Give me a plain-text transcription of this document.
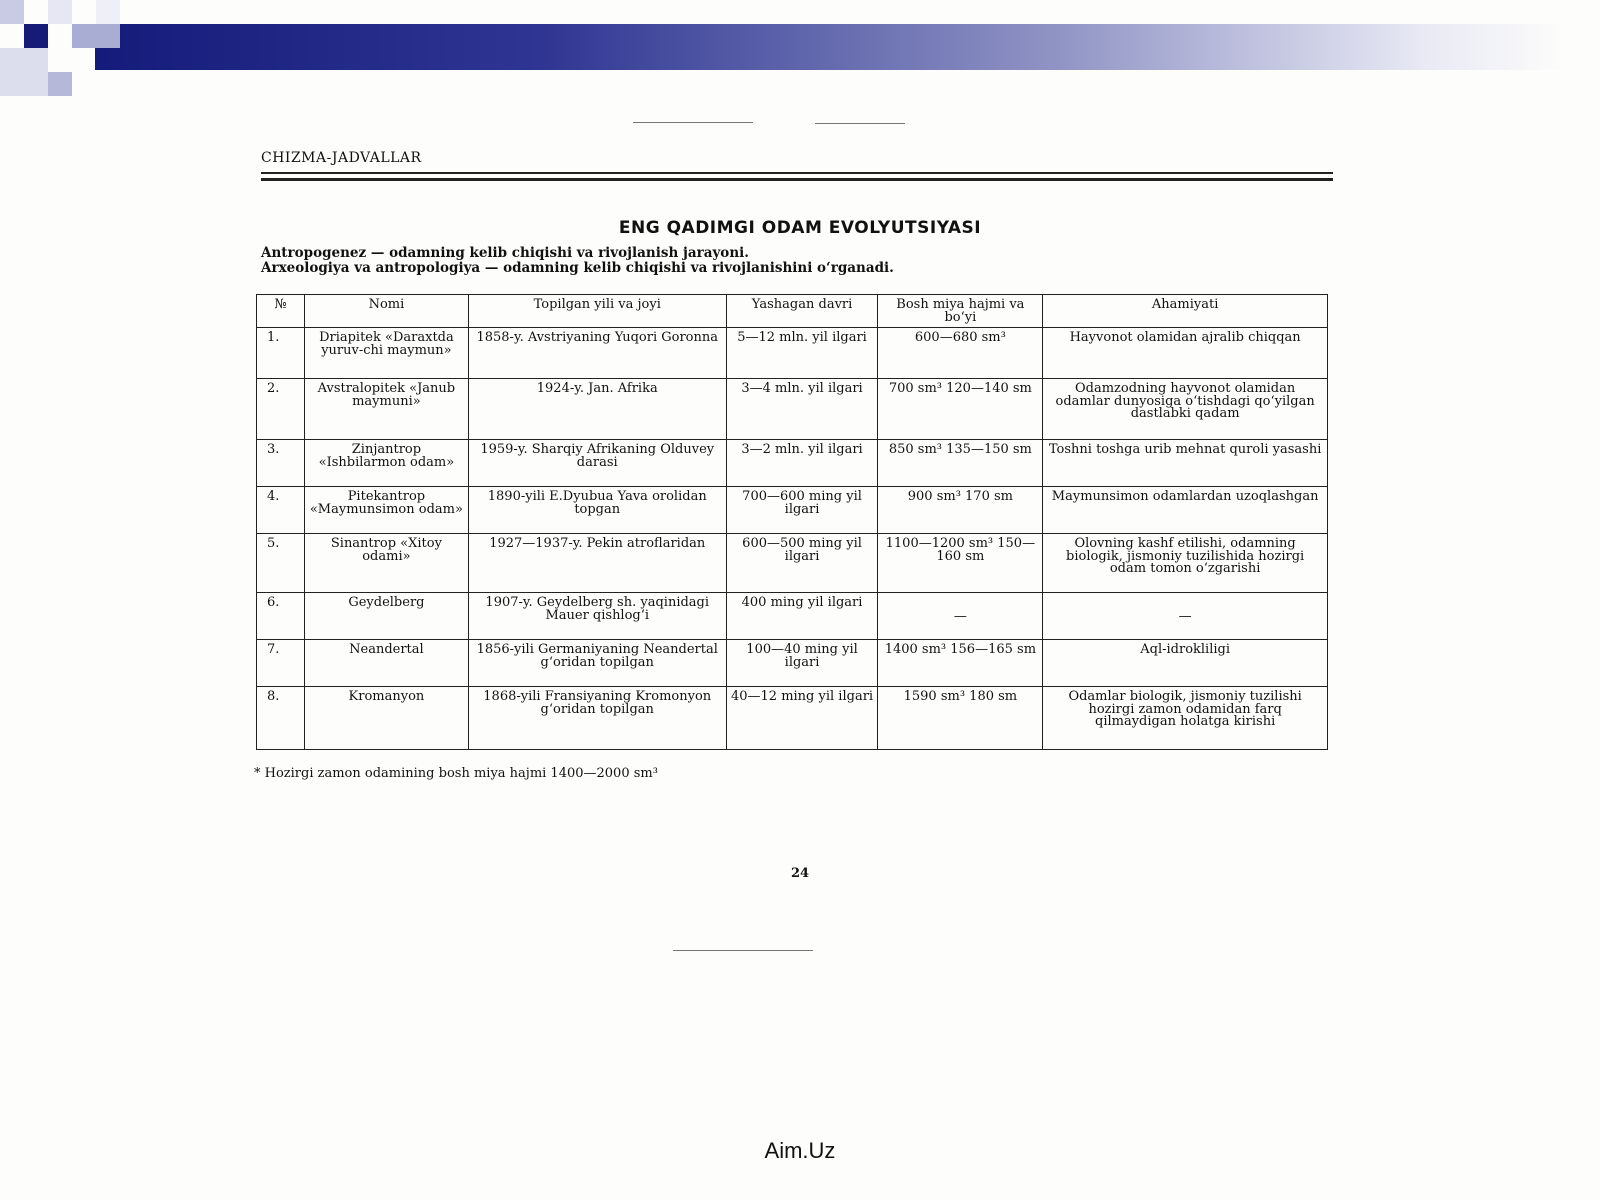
CHIZMA-JADVALLAR
ENG QADIMGI ODAM EVOLYUTSIYASI
Antropogenez — odamning kelib chiqishi va rivojlanish jarayoni.
Arxeologiya va antropologiya — odamning kelib chiqishi va rivojlanishini o‘rganadi.
№	Nomi	Topilgan yili va joyi	Yashagan davri	Bosh miya hajmi va bo‘yi	Ahamiyati
1.	Driapitek «Daraxtda yuruv-chi maymun»	1858-y. Avstriyaning Yuqori Goronna	5—12 mln. yil ilgari	600—680 sm³	Hayvonot olamidan ajralib chiqqan
2.	Avstralopitek «Janub maymuni»	1924-y. Jan. Afrika	3—4 mln. yil ilgari	700 sm³ 120—140 sm	Odamzodning hayvonot olamidan odamlar dunyosiga o‘tishdagi qo‘yilgan dastlabki qadam
3.	Zinjantrop «Ishbilarmon odam»	1959-y. Sharqiy Afrikaning Olduvey darasi	3—2 mln. yil ilgari	850 sm³ 135—150 sm	Toshni toshga urib mehnat quroli yasashi
4.	Pitekantrop «Maymunsimon odam»	1890-yili E.Dyubua Yava orolidan topgan	700—600 ming yil ilgari	900 sm³ 170 sm	Maymunsimon odamlardan uzoqlashgan
5.	Sinantrop «Xitoy odami»	1927—1937-y. Pekin atroflaridan	600—500 ming yil ilgari	1100—1200 sm³ 150—160 sm	Olovning kashf etilishi, odamning biologik, jismoniy tuzilishida hozirgi odam tomon o‘zgarishi
6.	Geydelberg	1907-y. Geydelberg sh. yaqinidagi Mauer qishlog‘i	400 ming yil ilgari	—	—
7.	Neandertal	1856-yili Germaniyaning Neandertal g‘oridan topilgan	100—40 ming yil ilgari	1400 sm³ 156—165 sm	Aql-idrokliligi
8.	Kromanyon	1868-yili Fransiyaning Kromonyon g‘oridan topilgan	40—12 ming yil ilgari	1590 sm³ 180 sm	Odamlar biologik, jismoniy tuzilishi hozirgi zamon odamidan farq qilmaydigan holatga kirishi
* Hozirgi zamon odamining bosh miya hajmi 1400—2000 sm³
24
Aim.Uz
